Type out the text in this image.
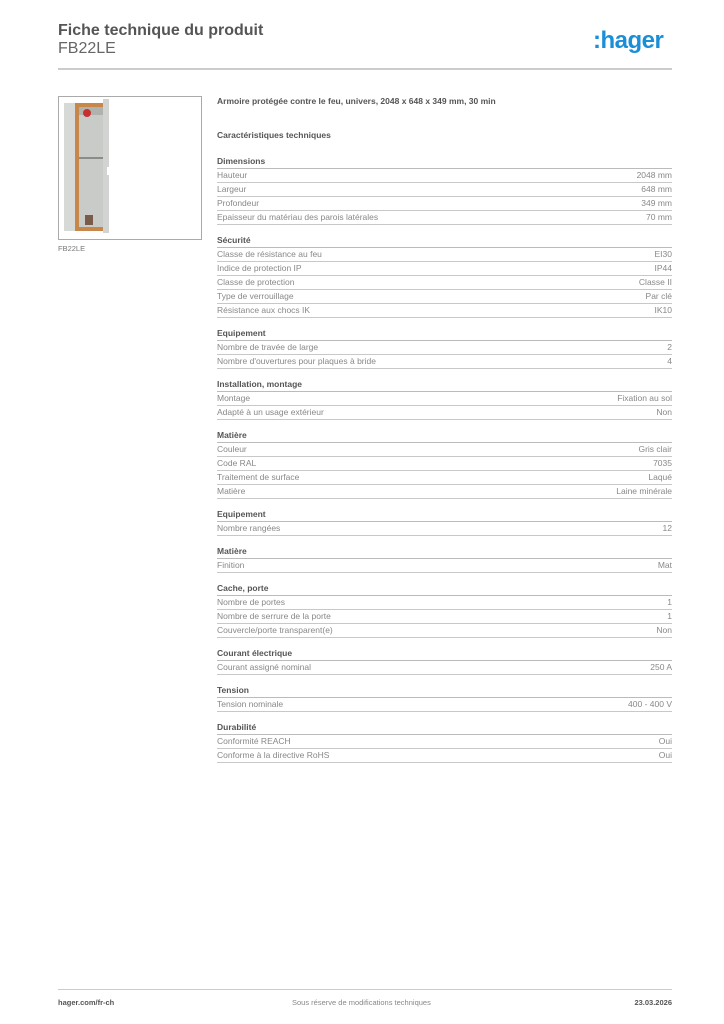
Fiche technique du produit
FB22LE	:hager
FB22LE
Armoire protégée contre le feu, univers, 2048 x 648 x 349 mm, 30 min
Caractéristiques techniques
Dimensions
Hauteur	2048 mm
Largeur	648 mm
Profondeur	349 mm
Epaisseur du matériau des parois latérales	70 mm
Sécurité
Classe de résistance au feu	EI30
Indice de protection IP	IP44
Classe de protection	Classe II
Type de verrouillage	Par clé
Résistance aux chocs IK	IK10
Equipement
Nombre de travée de large	2
Nombre d'ouvertures pour plaques à bride	4
Installation, montage
Montage	Fixation au sol
Adapté à un usage extérieur	Non
Matière
Couleur	Gris clair
Code RAL	7035
Traitement de surface	Laqué
Matière	Laine minérale
Equipement
Nombre rangées	12
Matière
Finition	Mat
Cache, porte
Nombre de portes	1
Nombre de serrure de la porte	1
Couvercle/porte transparent(e)	Non
Courant électrique
Courant assigné nominal	250 A
Tension
Tension nominale	400 - 400 V
Durabilité
Conformité REACH	Oui
Conforme à la directive RoHS	Oui
hager.com/fr-ch	Sous réserve de modifications techniques	23.03.2026
